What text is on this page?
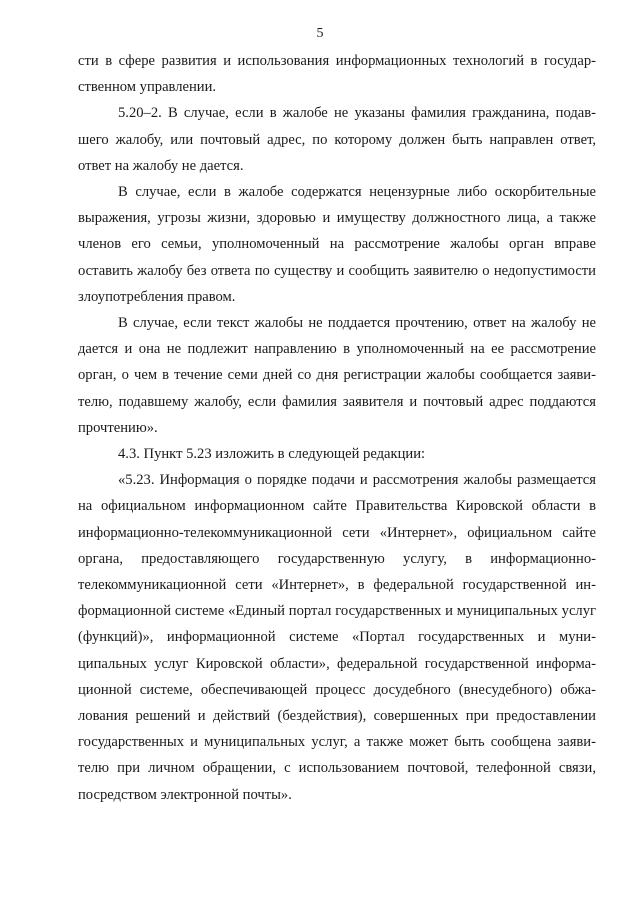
5

сти в сфере развития и использования информационных технологий в государственном управлении.

5.20–2. В случае, если в жалобе не указаны фамилия гражданина, подавшего жалобу, или почтовый адрес, по которому должен быть направлен ответ, ответ на жалобу не дается.

В случае, если в жалобе содержатся нецензурные либо оскорбительные выражения, угрозы жизни, здоровью и имуществу должностного лица, а также членов его семьи, уполномоченный на рассмотрение жалобы орган вправе оставить жалобу без ответа по существу и сообщить заявителю о недопустимости злоупотребления правом.

В случае, если текст жалобы не поддается прочтению, ответ на жалобу не дается и она не подлежит направлению в уполномоченный на ее рассмотрение орган, о чем в течение семи дней со дня регистрации жалобы сообщается заявителю, подавшему жалобу, если фамилия заявителя и почтовый адрес поддаются прочтению».

4.3. Пункт 5.23 изложить в следующей редакции:

«5.23. Информация о порядке подачи и рассмотрения жалобы размещается на официальном информационном сайте Правительства Кировской области в информационно-телекоммуникационной сети «Интернет», официальном сайте органа, предоставляющего государственную услугу, в информационно-телекоммуникационной сети «Интернет», в федеральной государственной информационной системе «Единый портал государственных и муниципальных услуг (функций)», информационной системе «Портал государственных и муниципальных услуг Кировской области», федеральной государственной информационной системе, обеспечивающей процесс досудебного (внесудебного) обжалования решений и действий (бездействия), совершенных при предоставлении государственных и муниципальных услуг, а также может быть сообщена заявителю при личном обращении, с использованием почтовой, телефонной связи, посредством электронной почты».
